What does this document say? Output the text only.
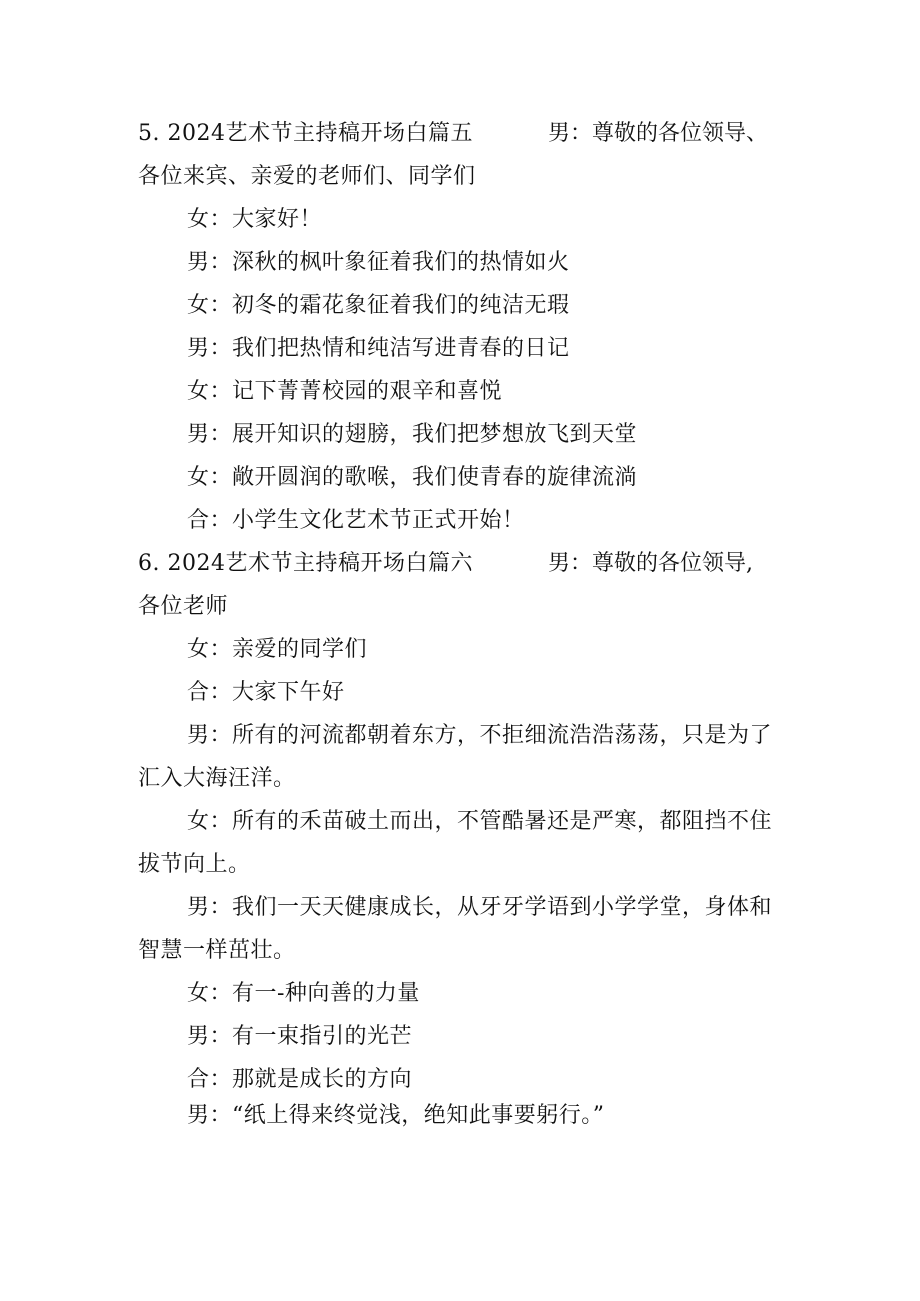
5. 2024艺术节主持稿开场白篇五	男：尊敬的各位领导、
各位来宾、亲爱的老师们、同学们
女：大家好！
男：深秋的枫叶象征着我们的热情如火
女：初冬的霜花象征着我们的纯洁无瑕
男：我们把热情和纯洁写进青春的日记
女：记下菁菁校园的艰辛和喜悦
男：展开知识的翅膀，我们把梦想放飞到天堂
女：敞开圆润的歌喉，我们使青春的旋律流淌
合：小学生文化艺术节正式开始！
6. 2024艺术节主持稿开场白篇六	男：尊敬的各位领导,
各位老师
女：亲爱的同学们
合：大家下午好
男：所有的河流都朝着东方，不拒细流浩浩荡荡，只是为了
汇入大海汪洋。
女：所有的禾苗破土而出，不管酷暑还是严寒，都阻挡不住
拔节向上。
男：我们一天天健康成长，从牙牙学语到小学学堂，身体和
智慧一样茁壮。
女：有一-种向善的力量
男：有一束指引的光芒
合：那就是成长的方向
男：“纸上得来终觉浅，绝知此事要躬行。”
